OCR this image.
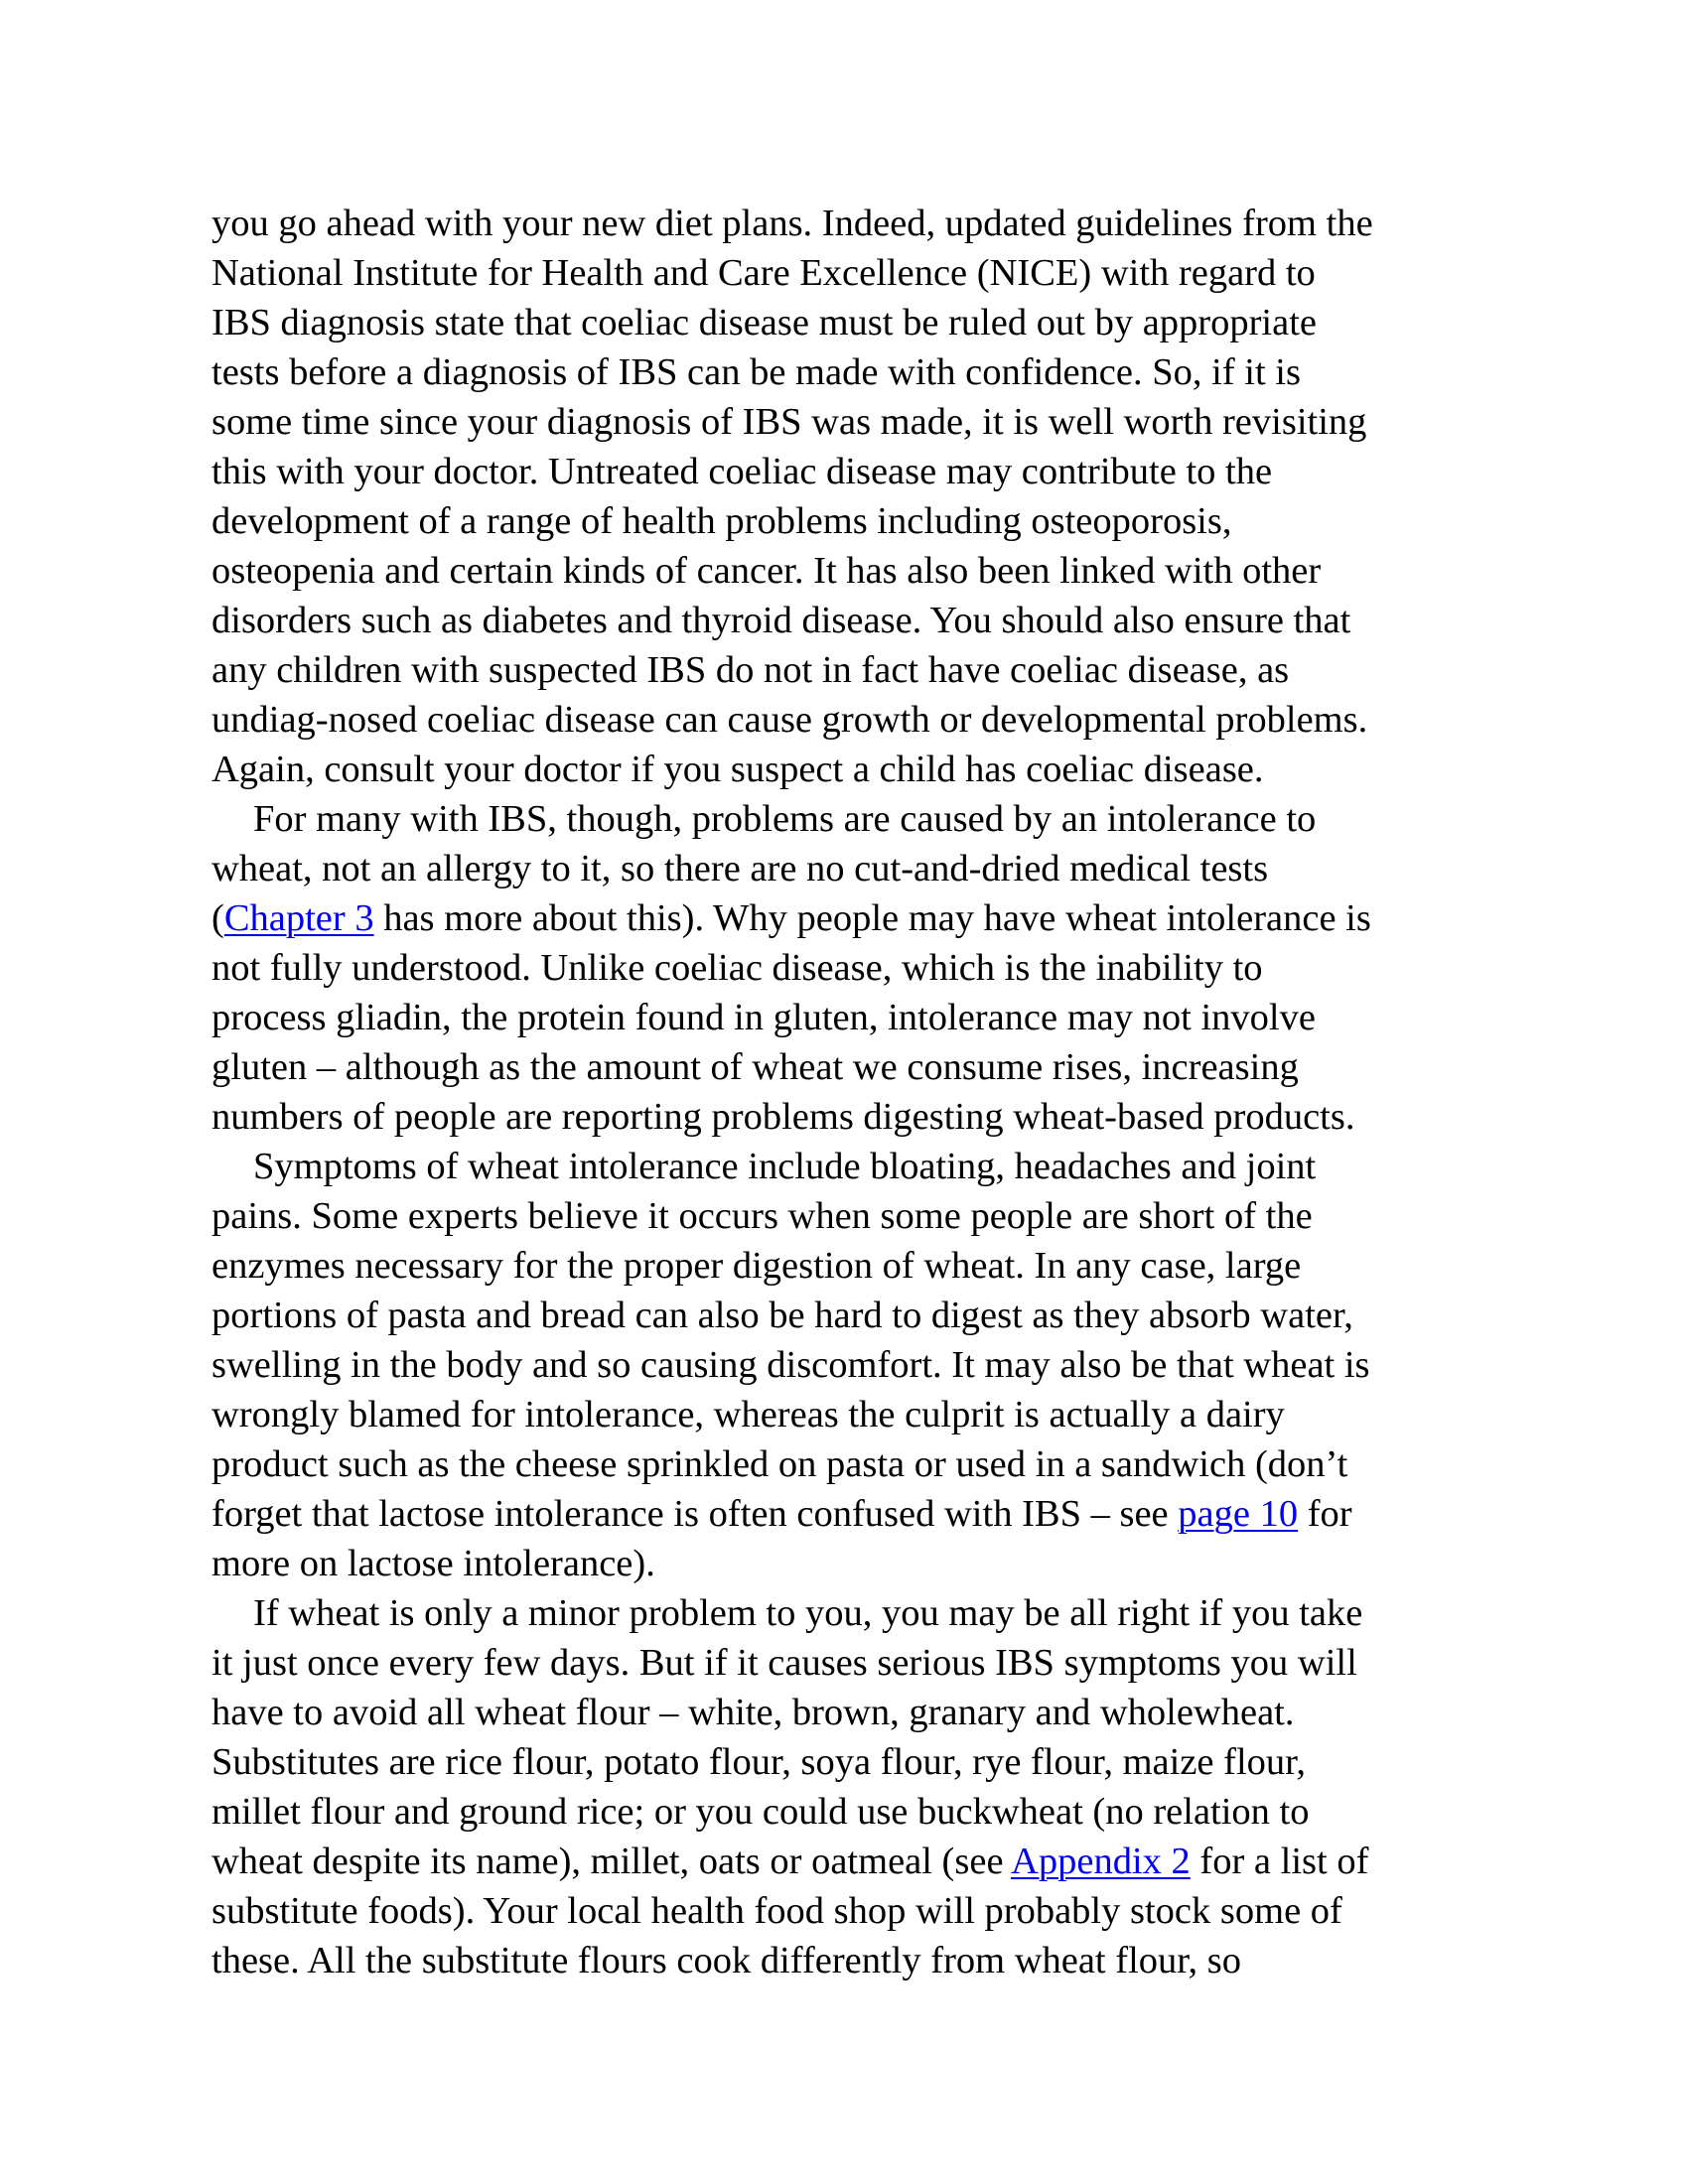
you go ahead with your new diet plans. Indeed, updated guidelines from the
National Institute for Health and Care Excellence (NICE) with regard to
IBS diagnosis state that coeliac disease must be ruled out by appropriate
tests before a diagnosis of IBS can be made with confidence. So, if it is
some time since your diagnosis of IBS was made, it is well worth revisiting
this with your doctor. Untreated coeliac disease may contribute to the
development of a range of health problems including osteoporosis,
osteopenia and certain kinds of cancer. It has also been linked with other
disorders such as diabetes and thyroid disease. You should also ensure that
any children with suspected IBS do not in fact have coeliac disease, as
undiag-nosed coeliac disease can cause growth or developmental problems.
Again, consult your doctor if you suspect a child has coeliac disease.
For many with IBS, though, problems are caused by an intolerance to
wheat, not an allergy to it, so there are no cut-and-dried medical tests
(Chapter 3 has more about this). Why people may have wheat intolerance is
not fully understood. Unlike coeliac disease, which is the inability to
process gliadin, the protein found in gluten, intolerance may not involve
gluten – although as the amount of wheat we consume rises, increasing
numbers of people are reporting problems digesting wheat-based products.
Symptoms of wheat intolerance include bloating, headaches and joint
pains. Some experts believe it occurs when some people are short of the
enzymes necessary for the proper digestion of wheat. In any case, large
portions of pasta and bread can also be hard to digest as they absorb water,
swelling in the body and so causing discomfort. It may also be that wheat is
wrongly blamed for intolerance, whereas the culprit is actually a dairy
product such as the cheese sprinkled on pasta or used in a sandwich (don’t
forget that lactose intolerance is often confused with IBS – see page 10 for
more on lactose intolerance).
If wheat is only a minor problem to you, you may be all right if you take
it just once every few days. But if it causes serious IBS symptoms you will
have to avoid all wheat flour – white, brown, granary and wholewheat.
Substitutes are rice flour, potato flour, soya flour, rye flour, maize flour,
millet flour and ground rice; or you could use buckwheat (no relation to
wheat despite its name), millet, oats or oatmeal (see Appendix 2 for a list of
substitute foods). Your local health food shop will probably stock some of
these. All the substitute flours cook differently from wheat flour, so
